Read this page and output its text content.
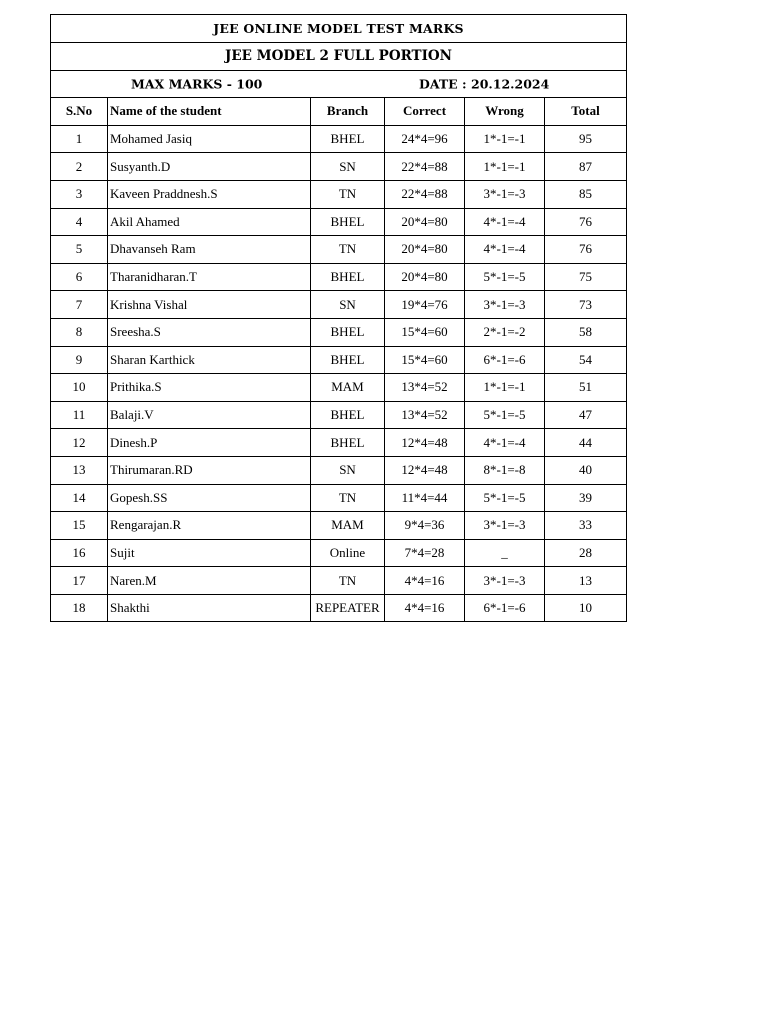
JEE ONLINE MODEL TEST MARKS					
JEE MODEL 2 FULL PORTION					

MAX MARKS - 100 DATE : 20.12.2024					

S.No	Name of the student	Branch	Correct	Wrong	Total
1	Mohamed Jasiq	BHEL	24*4=96	1*-1=-1	95
2	Susyanth.D	SN	22*4=88	1*-1=-1	87
3	Kaveen Praddnesh.S	TN	22*4=88	3*-1=-3	85
4	Akil Ahamed	BHEL	20*4=80	4*-1=-4	76
5	Dhavanseh Ram	TN	20*4=80	4*-1=-4	76
6	Tharanidharan.T	BHEL	20*4=80	5*-1=-5	75
7	Krishna Vishal	SN	19*4=76	3*-1=-3	73
8	Sreesha.S	BHEL	15*4=60	2*-1=-2	58
9	Sharan Karthick	BHEL	15*4=60	6*-1=-6	54
10	Prithika.S	MAM	13*4=52	1*-1=-1	51
11	Balaji.V	BHEL	13*4=52	5*-1=-5	47
12	Dinesh.P	BHEL	12*4=48	4*-1=-4	44
13	Thirumaran.RD	SN	12*4=48	8*-1=-8	40
14	Gopesh.SS	TN	11*4=44	5*-1=-5	39
15	Rengarajan.R	MAM	9*4=36	3*-1=-3	33
16	Sujit	Online	7*4=28	_	28
17	Naren.M	TN	4*4=16	3*-1=-3	13
18	Shakthi	REPEATER	4*4=16	6*-1=-6	10
